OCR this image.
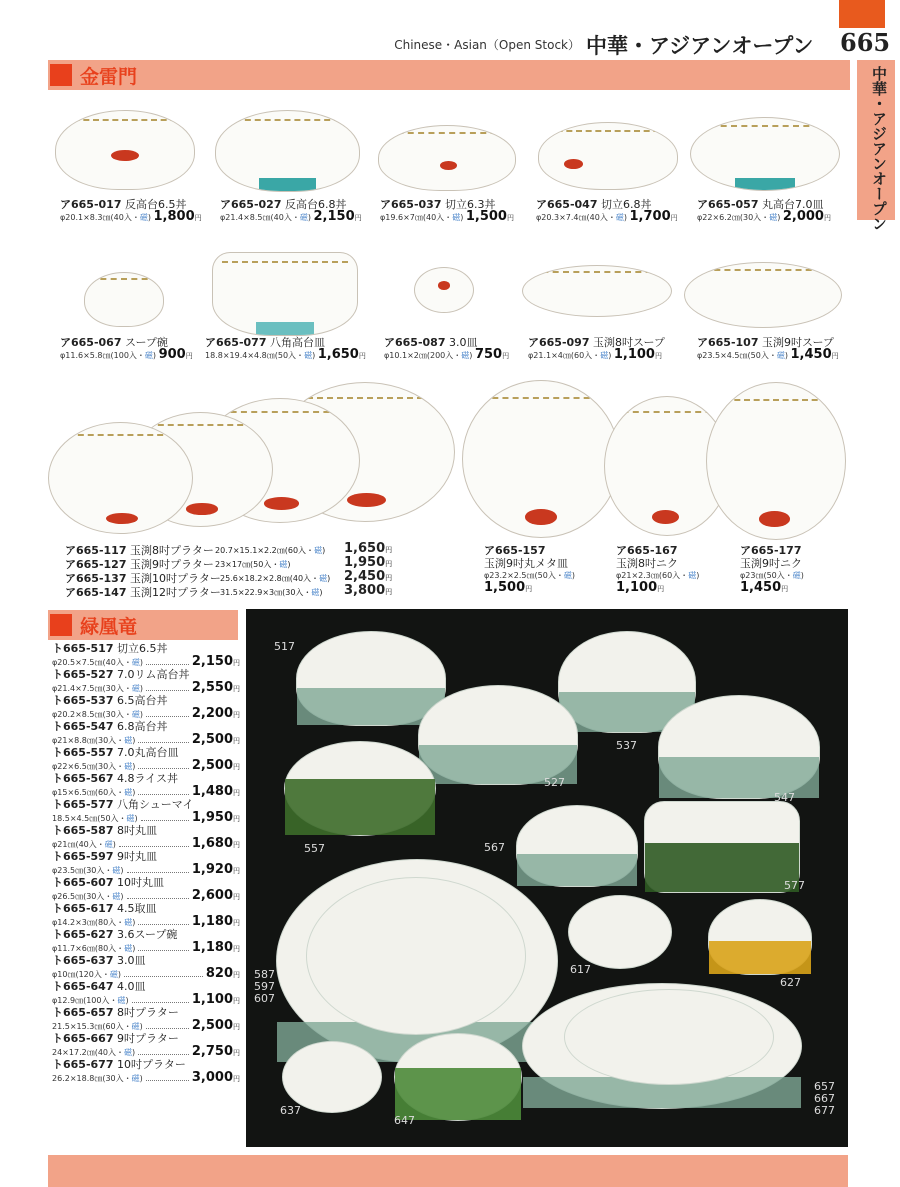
Chinese・Asian（Open Stock） 中華・アジアンオープン 665
中華・アジアンオープン
金雷門
ア665-017 反高台6.5丼
φ20.1×8.3㎝(40入・磁) 1,800円
ア665-027 反高台6.8丼
φ21.4×8.5㎝(40入・磁) 2,150円
ア665-037 切立6.3丼
φ19.6×7㎝(40入・磁) 1,500円
ア665-047 切立6.8丼
φ20.3×7.4㎝(40入・磁) 1,700円
ア665-057 丸高台7.0皿
φ22×6.2㎝(30入・磁) 2,000円
ア665-067 スープ碗
φ11.6×5.8㎝(100入・磁) 900円
ア665-077 八角高台皿
18.8×19.4×4.8㎝(50入・磁) 1,650円
ア665-087 3.0皿
φ10.1×2㎝(200入・磁) 750円
ア665-097 玉渕8吋スープ
φ21.1×4㎝(60入・磁) 1,100円
ア665-107 玉渕9吋スープ
φ23.5×4.5㎝(50入・磁) 1,450円
ア665-117 玉渕8吋プラター 20.7×15.1×2.2㎝(60入・磁) 1,650円
ア665-127 玉渕9吋プラター 23×17㎝(50入・磁)	1,950円
ア665-137 玉渕10吋プラター 25.6×18.2×2.8㎝(40入・磁) 2,450円
ア665-147 玉渕12吋プラター 31.5×22.9×3㎝(30入・磁) 3,800円
ア665-157
玉渕9吋丸メタ皿
φ23.2×2.5㎝(50入・磁)
1,500円
ア665-167
玉渕8吋ニク
φ21×2.3㎝(60入・磁)
1,100円
ア665-177
玉渕9吋ニク
φ23㎝(50入・磁)
1,450円
緑凰竜
ト665-517 切立6.5丼
φ20.5×7.5㎝(40入・ 磁 )	2,150 円
ト665-527 7.0リム高台丼
φ21.4×7.5㎝(30入・ 磁 )	2,550 円
ト665-537 6.5高台丼
φ20.2×8.5㎝(30入・ 磁 )	2,200 円
ト665-547 6.8高台丼
φ21×8.8㎝(30入・ 磁 )	2,500 円
ト665-557 7.0丸高台皿
φ22×6.5㎝(30入・ 磁 )	2,500 円
ト665-567 4.8ライス丼
φ15×6.5㎝(60入・ 磁 )	1,480 円
ト665-577 八角シューマイ
18.5×4.5㎝(50入・ 磁 )	1,950 円
ト665-587 8吋丸皿
φ21㎝(40入・ 磁 )	1,680 円
ト665-597 9吋丸皿
φ23.5㎝(30入・ 磁 )	1,920 円
ト665-607 10吋丸皿
φ26.5㎝(30入・ 磁 )	2,600 円
ト665-617 4.5取皿
φ14.2×3㎝(80入・ 磁 )	1,180 円
ト665-627 3.6スープ碗
φ11.7×6㎝(80入・ 磁 )	1,180 円
ト665-637 3.0皿
φ10㎝(120入・ 磁 )	820 円
ト665-647 4.0皿
φ12.9㎝(100入・ 磁 )	1,100 円
ト665-657 8吋プラター
21.5×15.3㎝(60入・ 磁 )	2,500 円
ト665-667 9吋プラター
24×17.2㎝(40入・ 磁 )	2,750 円
ト665-677 10吋プラター
26.2×18.8㎝(30入・ 磁 )	3,000 円
517
537
527
547
557	567
577
617
627
587
597
607
637
647
657
667
677
